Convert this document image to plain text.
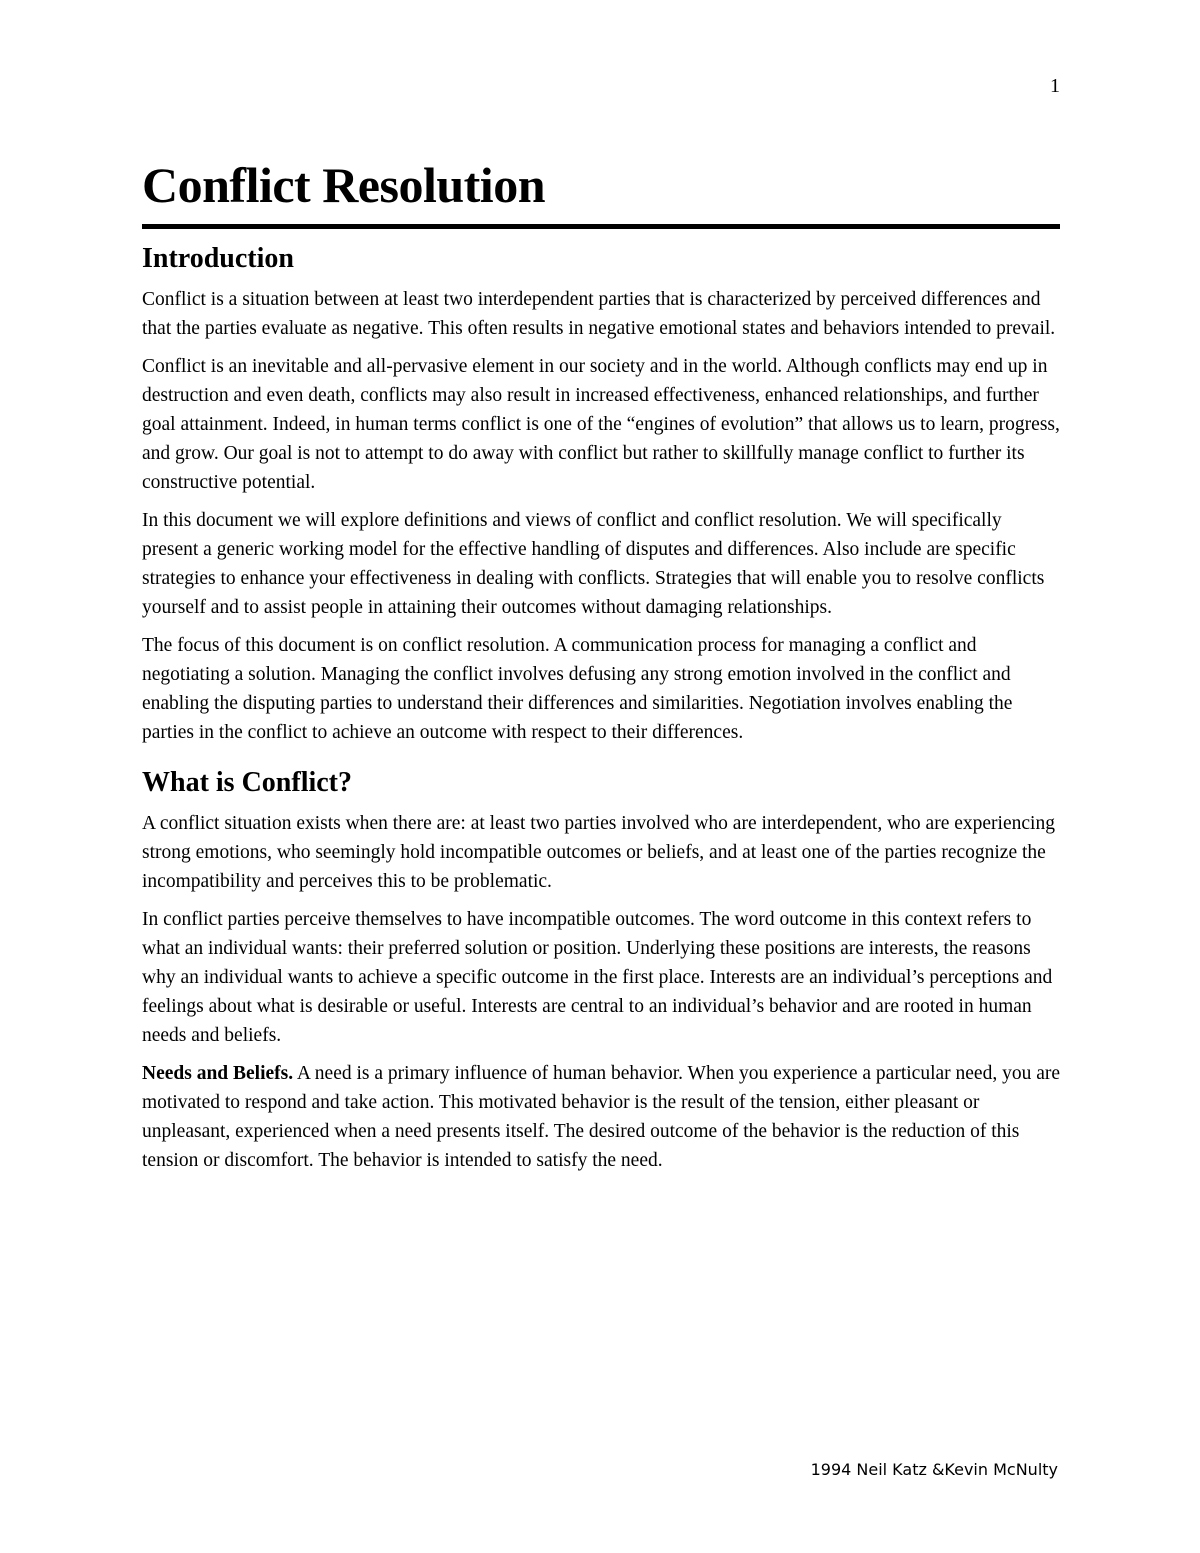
1
Conflict Resolution
Introduction

Conflict is a situation between at least two interdependent parties that is characterized by perceived differences and that the parties evaluate as negative. This often results in negative emotional states and behaviors intended to prevail.

Conflict is an inevitable and all-pervasive element in our society and in the world. Although conflicts may end up in destruction and even death, conflicts may also result in increased effectiveness, enhanced relationships, and further goal attainment. Indeed, in human terms conflict is one of the “engines of evolution” that allows us to learn, progress, and grow. Our goal is not to attempt to do away with conflict but rather to skillfully manage conflict to further its constructive potential.

In this document we will explore definitions and views of conflict and conflict resolution. We will specifically present a generic working model for the effective handling of disputes and differences. Also include are specific strategies to enhance your effectiveness in dealing with conflicts. Strategies that will enable you to resolve conflicts yourself and to assist people in attaining their outcomes without damaging relationships.

The focus of this document is on conflict resolution. A communication process for managing a conflict and negotiating a solution. Managing the conflict involves defusing any strong emotion involved in the conflict and enabling the disputing parties to understand their differences and similarities. Negotiation involves enabling the parties in the conflict to achieve an outcome with respect to their differences.

What is Conflict?

A conflict situation exists when there are: at least two parties involved who are interdependent, who are experiencing strong emotions, who seemingly hold incompatible outcomes or beliefs, and at least one of the parties recognize the incompatibility and perceives this to be problematic.

In conflict parties perceive themselves to have incompatible outcomes. The word outcome in this context refers to what an individual wants: their preferred solution or position. Underlying these positions are interests, the reasons why an individual wants to achieve a specific outcome in the first place. Interests are an individual’s perceptions and feelings about what is desirable or useful. Interests are central to an individual’s behavior and are rooted in human needs and beliefs.

Needs and Beliefs. A need is a primary influence of human behavior. When you experience a particular need, you are motivated to respond and take action. This motivated behavior is the result of the tension, either pleasant or unpleasant, experienced when a need presents itself. The desired outcome of the behavior is the reduction of this tension or discomfort. The behavior is intended to satisfy the need.

1994 Neil Katz &Kevin McNulty
